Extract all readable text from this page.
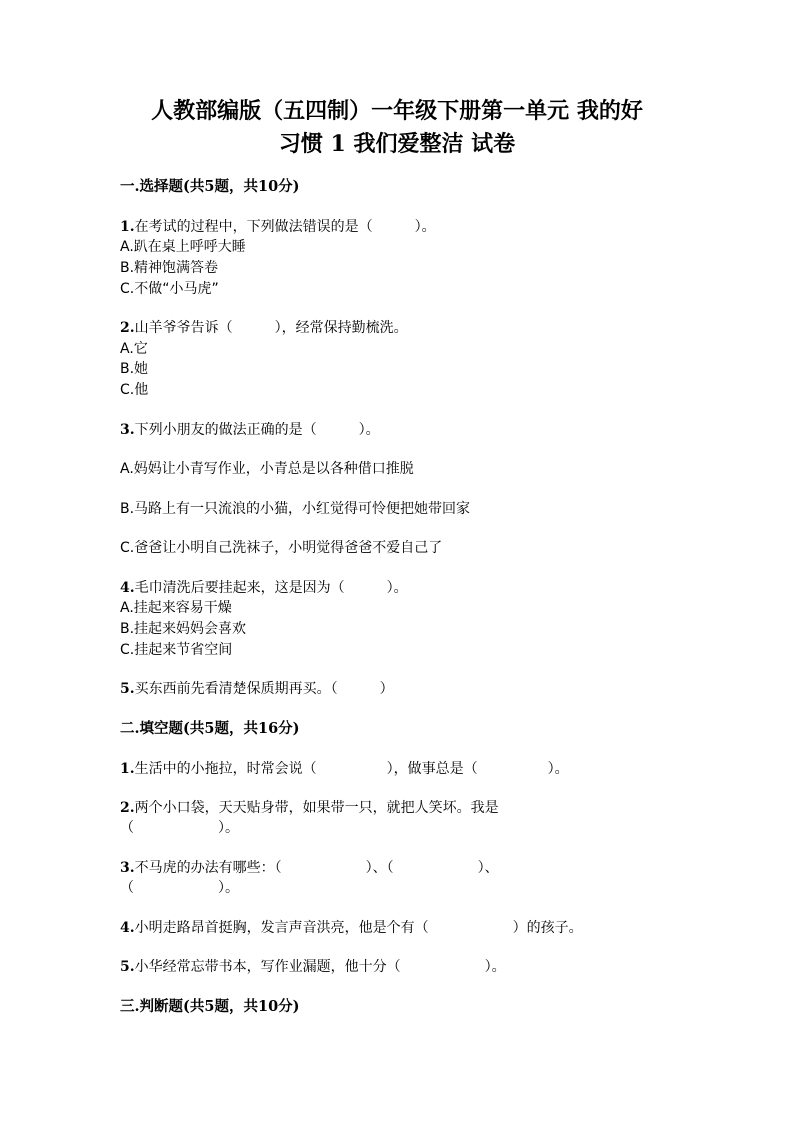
人教部编版（五四制）一年级下册第一单元 我的好
习惯 1 我们爱整洁 试卷
一.选择题(共5题，共10分)
1.在考试的过程中，下列做法错误的是（　　　）。
A.趴在桌上呼呼大睡
B.精神饱满答卷
C.不做“小马虎”
2.山羊爷爷告诉（　　　），经常保持勤梳洗。
A.它
B.她
C.他
3.下列小朋友的做法正确的是（　　　）。
A.妈妈让小青写作业，小青总是以各种借口推脱
B.马路上有一只流浪的小猫，小红觉得可怜便把她带回家
C.爸爸让小明自己洗袜子，小明觉得爸爸不爱自己了
4.毛巾清洗后要挂起来，这是因为（　　　）。
A.挂起来容易干燥
B.挂起来妈妈会喜欢
C.挂起来节省空间
5.买东西前先看清楚保质期再买。（　　　）
二.填空题(共5题，共16分)
1.生活中的小拖拉，时常会说（　　　　　），做事总是（　　　　　）。
2.两个小口袋，天天贴身带，如果带一只，就把人笑坏。我是
（　　　　　　）。
3.不马虎的办法有哪些：（　　　　　　）、（　　　　　　）、
（　　　　　　）。
4.小明走路昂首挺胸，发言声音洪亮，他是个有（　　　　　　）的孩子。
5.小华经常忘带书本，写作业漏题，他十分（　　　　　　）。
三.判断题(共5题，共10分)
